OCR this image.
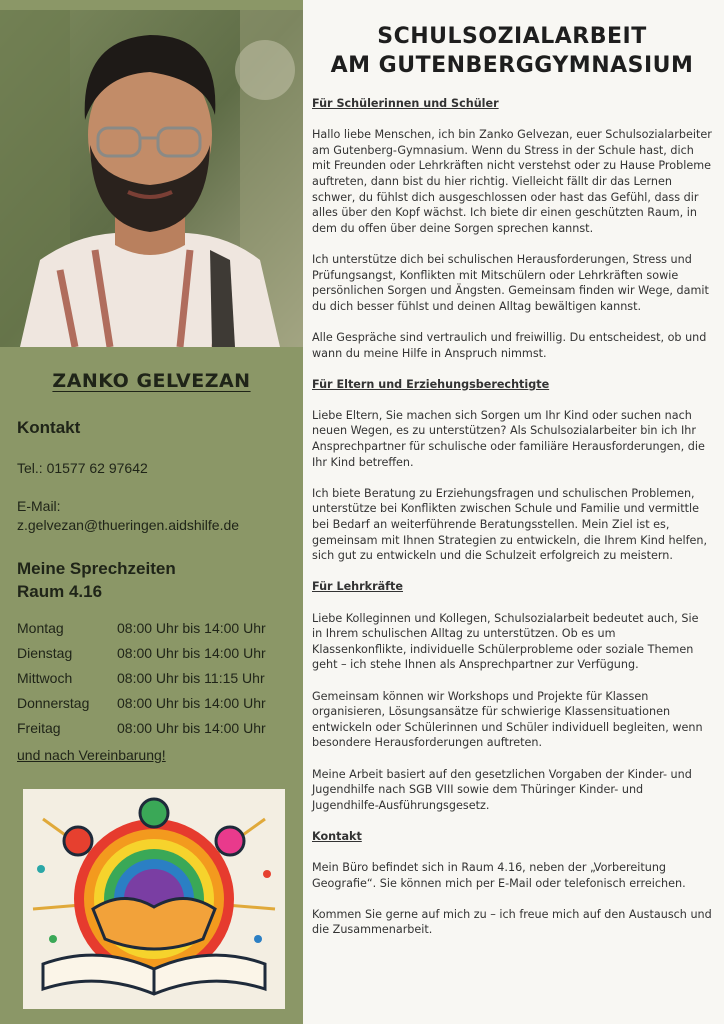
ZANKO GELVEZAN
Kontakt
Tel.: 01577 62 97642
E-Mail:
z.gelvezan@thueringen.aidshilfe.de
Meine Sprechzeiten
Raum 4.16
Montag	08:00 Uhr bis 14:00 Uhr
Dienstag	08:00 Uhr bis 14:00 Uhr
Mittwoch	08:00 Uhr bis 11:15 Uhr
Donnerstag 08:00 Uhr bis 14:00 Uhr
Freitag	08:00 Uhr bis 14:00 Uhr
und nach Vereinbarung!
SCHULSOZIALARBEIT
AM GUTENBERGGYMNASIUM
Für Schülerinnen und Schüler

Hallo liebe Menschen, ich bin Zanko Gelvezan, euer Schulsozialarbeiter am Gutenberg-Gymnasium. Wenn du Stress in der Schule hast, dich mit Freunden oder Lehrkräften nicht verstehst oder zu Hause Probleme auftreten, dann bist du hier richtig. Vielleicht fällt dir das Lernen schwer, du fühlst dich ausgeschlossen oder hast das Gefühl, dass dir alles über den Kopf wächst. Ich biete dir einen geschützten Raum, in dem du offen über deine Sorgen sprechen kannst.

Ich unterstütze dich bei schulischen Herausforderungen, Stress und Prüfungsangst, Konflikten mit Mitschülern oder Lehrkräften sowie persönlichen Sorgen und Ängsten. Gemeinsam finden wir Wege, damit du dich besser fühlst und deinen Alltag bewältigen kannst.

Alle Gespräche sind vertraulich und freiwillig. Du entscheidest, ob und wann du meine Hilfe in Anspruch nimmst.

Für Eltern und Erziehungsberechtigte

Liebe Eltern, Sie machen sich Sorgen um Ihr Kind oder suchen nach neuen Wegen, es zu unterstützen? Als Schulsozialarbeiter bin ich Ihr Ansprechpartner für schulische oder familiäre Herausforderungen, die Ihr Kind betreffen.

Ich biete Beratung zu Erziehungsfragen und schulischen Problemen, unterstütze bei Konflikten zwischen Schule und Familie und vermittle bei Bedarf an weiterführende Beratungsstellen. Mein Ziel ist es, gemeinsam mit Ihnen Strategien zu entwickeln, die Ihrem Kind helfen, sich gut zu entwickeln und die Schulzeit erfolgreich zu meistern.

Für Lehrkräfte

Liebe Kolleginnen und Kollegen, Schulsozialarbeit bedeutet auch, Sie in Ihrem schulischen Alltag zu unterstützen. Ob es um Klassenkonflikte, individuelle Schülerprobleme oder soziale Themen geht – ich stehe Ihnen als Ansprechpartner zur Verfügung.

Gemeinsam können wir Workshops und Projekte für Klassen organisieren, Lösungsansätze für schwierige Klassensituationen entwickeln oder Schülerinnen und Schüler individuell begleiten, wenn besondere Herausforderungen auftreten.

Meine Arbeit basiert auf den gesetzlichen Vorgaben der Kinder- und Jugendhilfe nach SGB VIII sowie dem Thüringer Kinder- und Jugendhilfe-Ausführungsgesetz.

Kontakt

Mein Büro befindet sich in Raum 4.16, neben der „Vorbereitung Geografie“. Sie können mich per E-Mail oder telefonisch erreichen.

Kommen Sie gerne auf mich zu – ich freue mich auf den Austausch und die Zusammenarbeit.
